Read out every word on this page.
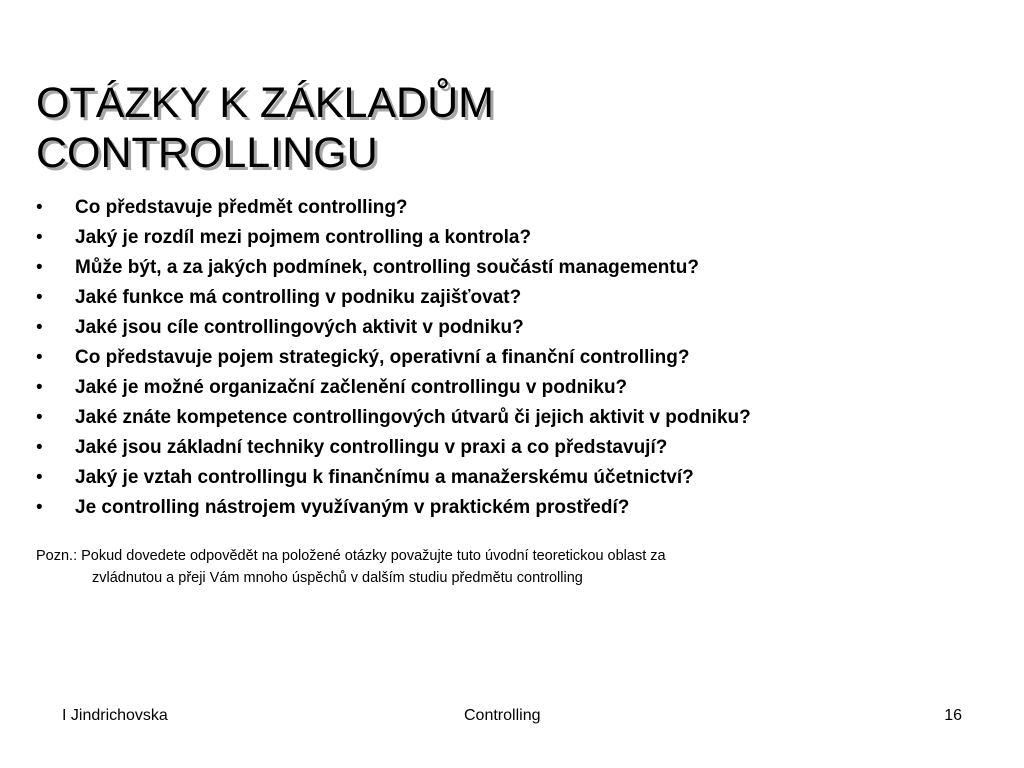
OTÁZKY K ZÁKLADŮM
CONTROLLINGU
• Co představuje předmět controlling?
• Jaký je rozdíl mezi pojmem controlling a kontrola?
• Může být, a za jakých podmínek, controlling součástí managementu?
• Jaké funkce má controlling v podniku zajišťovat?
• Jaké jsou cíle controllingových aktivit v podniku?
• Co představuje pojem strategický, operativní a finanční controlling?
• Jaké je možné organizační začlenění controllingu v podniku?
• Jaké znáte kompetence controllingových útvarů či jejich aktivit v podniku?
• Jaké jsou základní techniky controllingu v praxi a co představují?
• Jaký je vztah controllingu k finančnímu a manažerskému účetnictví?
• Je controlling nástrojem využívaným v praktickém prostředí?
Pozn.: Pokud dovedete odpovědět na položené otázky považujte tuto úvodní teoretickou oblast za
zvládnutou a přeji Vám mnoho úspěchů v dalším studiu předmětu controlling
I Jindrichovska	Controlling	16
